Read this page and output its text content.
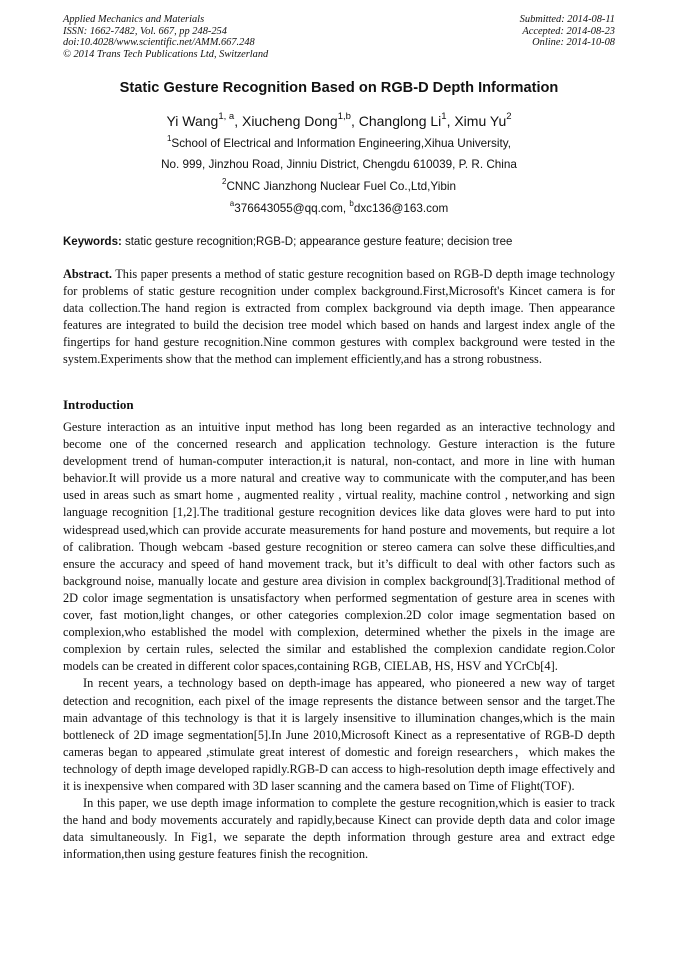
Applied Mechanics and Materials
ISSN: 1662-7482, Vol. 667, pp 248-254
doi:10.4028/www.scientific.net/AMM.667.248
© 2014 Trans Tech Publications Ltd, Switzerland
Submitted: 2014-08-11
Accepted: 2014-08-23
Online: 2014-10-08
Static Gesture Recognition Based on RGB-D Depth Information
Yi Wang$^{1, a}$, Xiucheng Dong$^{1,b}$, Changlong Li$^1$, Ximu Yu$^2$
$^1$School of Electrical and Information Engineering,Xihua University,
No. 999, Jinzhou Road, Jinniu District, Chengdu 610039, P. R. China
$^2$CNNC Jianzhong Nuclear Fuel Co.,Ltd,Yibin
$^a$376643055@qq.com, $^b$dxc136@163.com
Keywords: static gesture recognition;RGB-D; appearance gesture feature; decision tree

Abstract. This paper presents a method of static gesture recognition based on RGB-D depth image technology for problems of static gesture recognition under complex background.First,Microsoft's Kincet camera is for data collection.The hand region is extracted from complex background via depth image. Then appearance features are integrated to build the decision tree model which based on hands and largest index angle of the fingertips for hand gesture recognition.Nine common gestures with complex background were tested in the system.Experiments show that the method can implement efficiently,and has a strong robustness.

Introduction

Gesture interaction as an intuitive input method has long been regarded as an interactive technology and become one of the concerned research and application technology. Gesture interaction is the future development trend of human-computer interaction,it is natural, non-contact, and more in line with human behavior.It will provide us a more natural and creative way to communicate with the computer,and has been used in areas such as smart home , augmented reality , virtual reality, machine control , networking and sign language recognition [1,2].The traditional gesture recognition devices like data gloves were hard to put into widespread used,which can provide accurate measurements for hand posture and movements, but require a lot of calibration. Though webcam -based gesture recognition or stereo camera can solve these difficulties,and ensure the accuracy and speed of hand movement track, but it’s difficult to deal with other factors such as background noise, manually locate and gesture area division in complex background[3].Traditional method of 2D color image segmentation is unsatisfactory when performed segmentation of gesture area in scenes with cover, fast motion,light changes, or other categories complexion.2D color image segmentation based on complexion,who established the model with complexion, determined whether the pixels in the image are complexion by certain rules, selected the similar and established the complexion candidate region.Color models can be created in different color spaces,containing RGB, CIELAB, HS, HSV and YCrCb[4].

In recent years, a technology based on depth-image has appeared, who pioneered a new way of target detection and recognition, each pixel of the image represents the distance between sensor and the target.The main advantage of this technology is that it is largely insensitive to illumination changes,which is the main bottleneck of 2D image segmentation[5].In June 2010,Microsoft Kinect as a representative of RGB-D depth cameras began to appeared ,stimulate great interest of domestic and foreign researchers，which makes the technology of depth image developed rapidly.RGB-D can access to high-resolution depth image effectively and it is inexpensive when compared with 3D laser scanning and the camera based on Time of Flight(TOF).

In this paper, we use depth image information to complete the gesture recognition,which is easier to track the hand and body movements accurately and rapidly,because Kinect can provide depth data and color image data simultaneously. In Fig1, we separate the depth information through gesture area and extract edge information,then using gesture features finish the recognition.
